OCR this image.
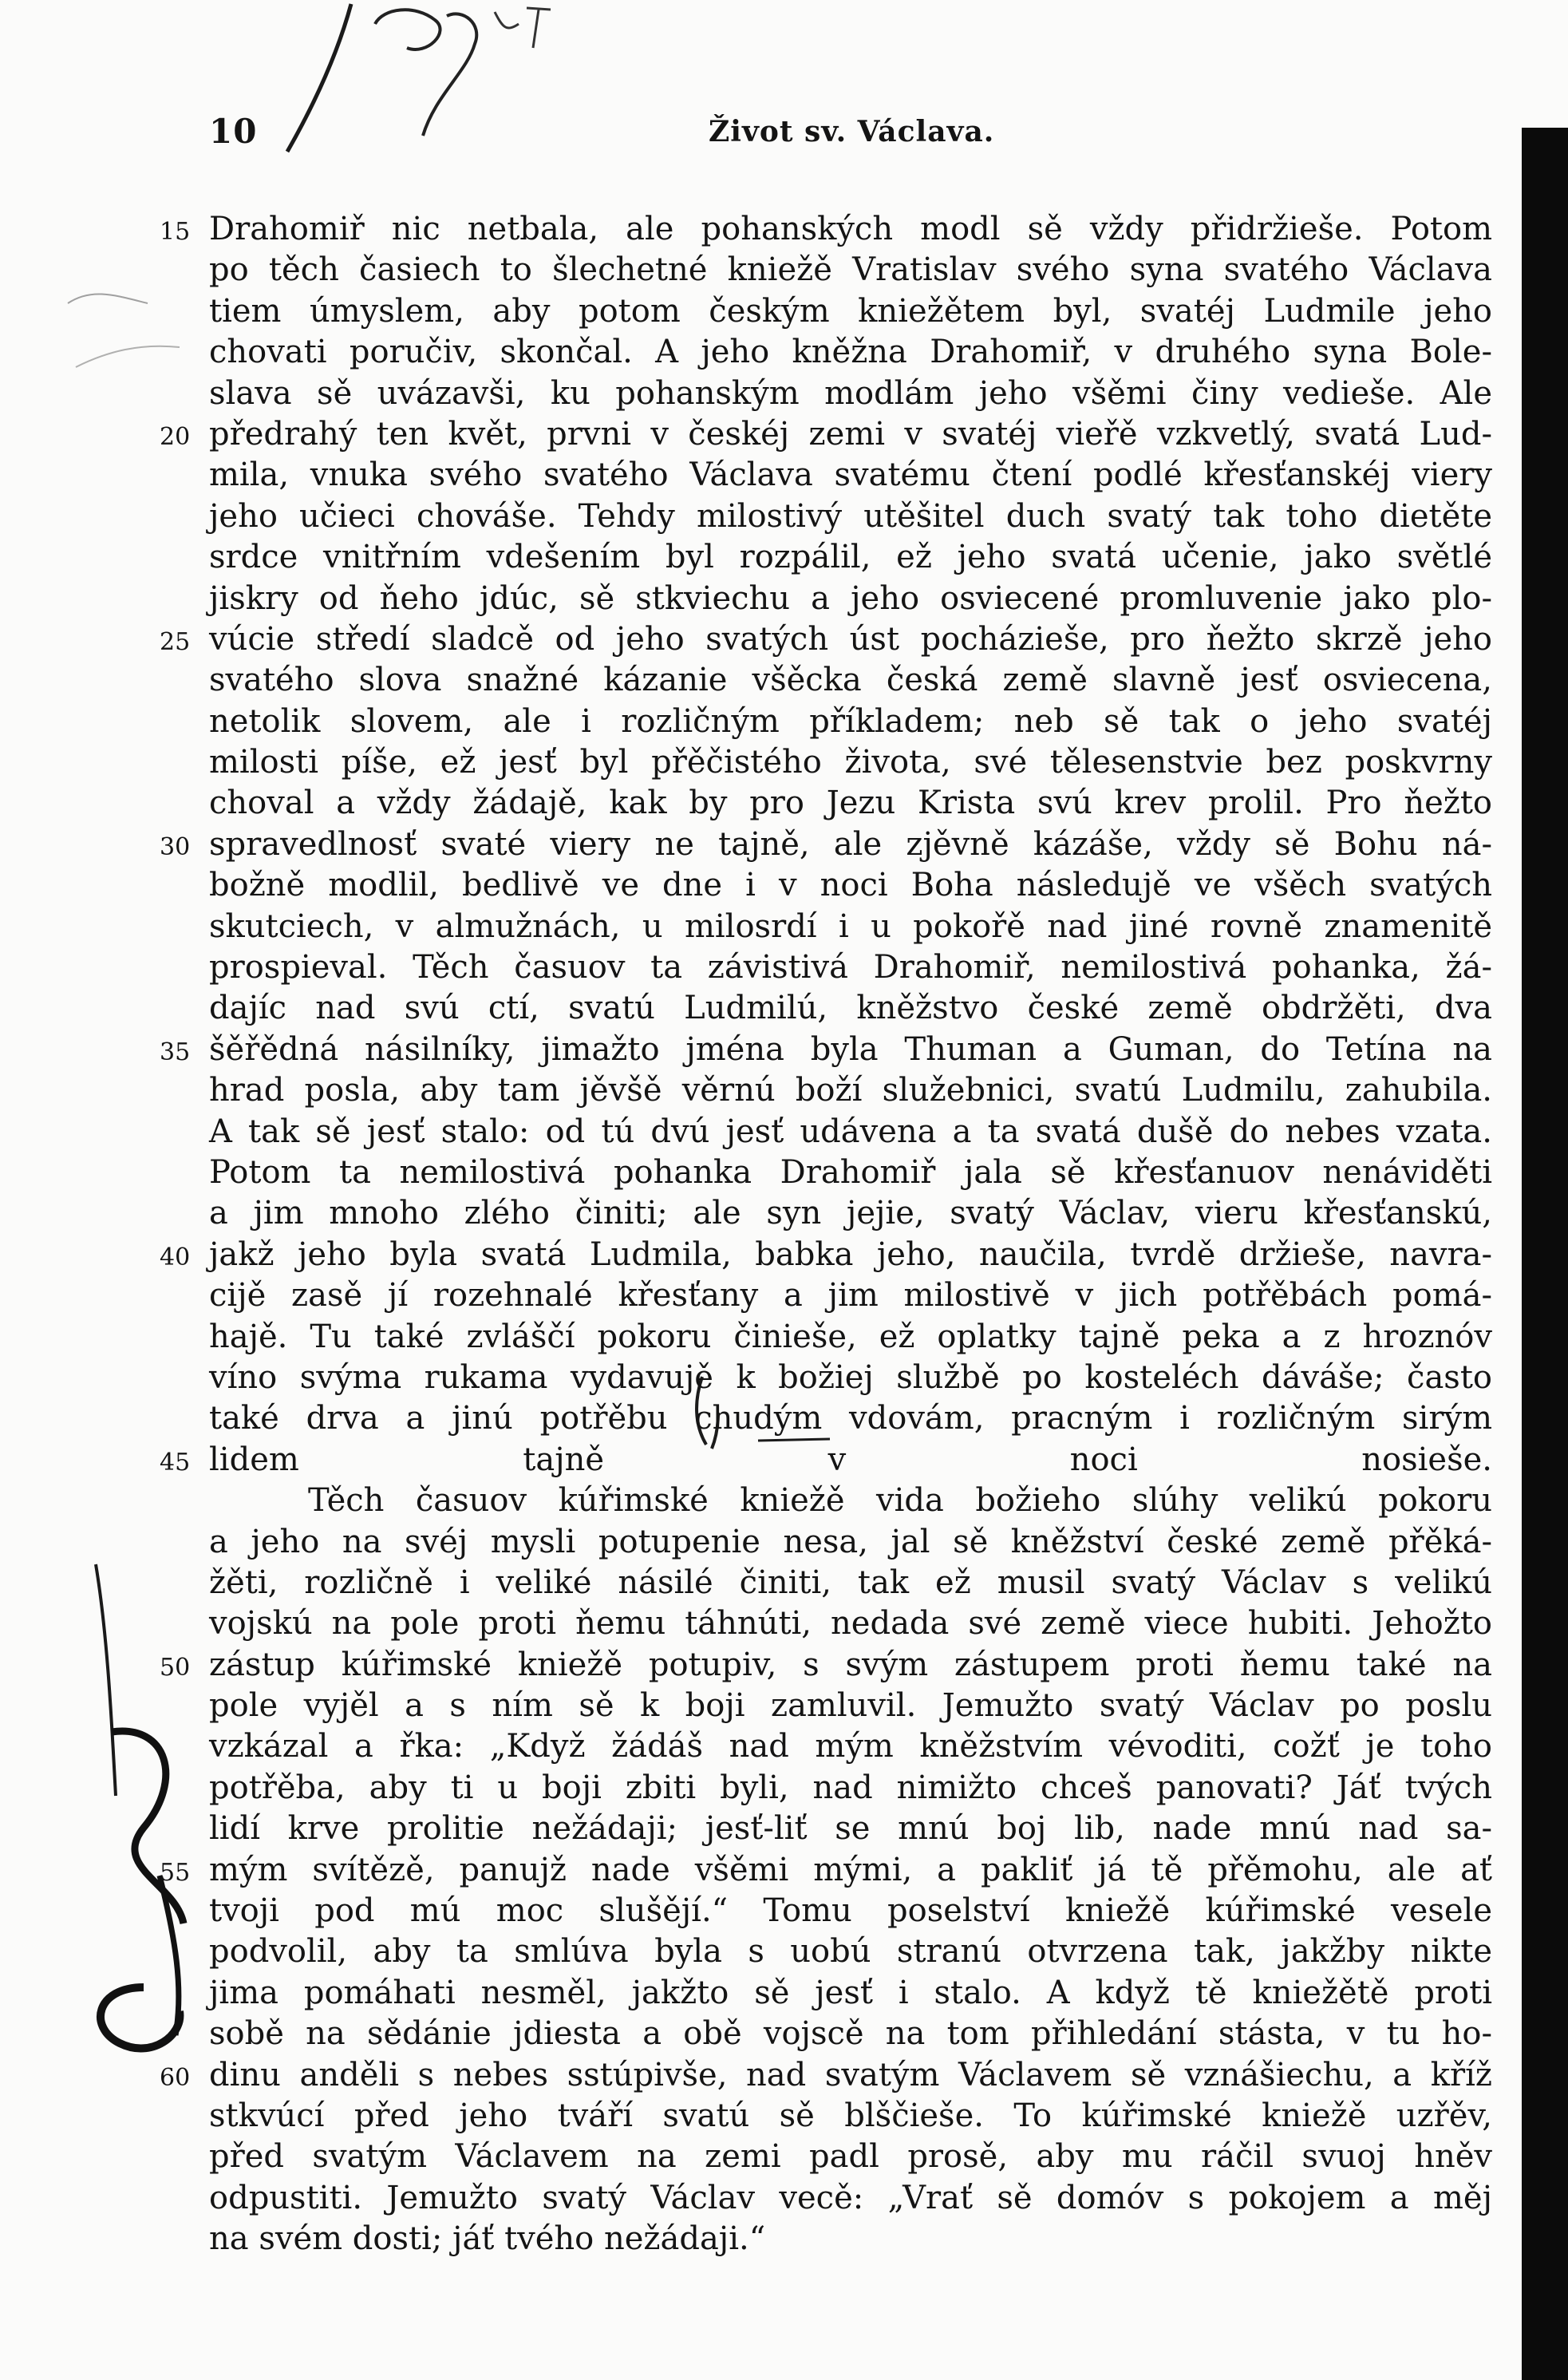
10	Život sv. Václava.
15 Drahomiř nic netbala, ale pohanských modl sě vždy přidržieše. Potom
po těch časiech to šlechetné kniežě Vratislav svého syna svatého Václava
tiem úmyslem, aby potom českým kniežětem byl, svatéj Ludmile jeho
chovati poručiv, skončal. A jeho kněžna Drahomiř, v druhého syna Bole-
slava sě uvázavši, ku pohanským modlám jeho všěmi činy vedieše. Ale
20 předrahý ten květ, prvni v českéj zemi v svatéj vieřě vzkvetlý, svatá Lud-
mila, vnuka svého svatého Václava svatému čtení podlé křesťanskéj viery
jeho učieci chováše. Tehdy milostivý utěšitel duch svatý tak toho dietěte
srdce vnitřním vdešením byl rozpálil, ež jeho svatá učenie, jako světlé
jiskry od ňeho jdúc, sě stkviechu a jeho osviecené promluvenie jako plo-
25 vúcie středí sladcě od jeho svatých úst pocházieše, pro ňežto skrzě jeho
svatého slova snažné kázanie všěcka česká země slavně jesť osviecena,
netolik slovem, ale i rozličným příkladem; neb sě tak o jeho svatéj
milosti píše, ež jesť byl přěčistého života, své tělesenstvie bez poskvrny
choval a vždy žádajě, kak by pro Jezu Krista svú krev prolil. Pro ňežto
30 spravedlnosť svaté viery ne tajně, ale zjěvně kázáše, vždy sě Bohu ná-
božně modlil, bedlivě ve dne i v noci Boha následujě ve všěch svatých
skutciech, v almužnách, u milosrdí i u pokořě nad jiné rovně znamenitě
prospieval. Těch časuov ta závistivá Drahomiř, nemilostivá pohanka, žá-
dajíc nad svú ctí, svatú Ludmilú, kněžstvo české země obdržěti, dva
35 šěřědná násilníky, jimažto jména byla Thuman a Guman, do Tetína na
hrad posla, aby tam jěvšě věrnú boží služebnici, svatú Ludmilu, zahubila.
A tak sě jesť stalo: od tú dvú jesť udávena a ta svatá dušě do nebes vzata.
Potom ta nemilostivá pohanka Drahomiř jala sě křesťanuov nenáviděti
a jim mnoho zlého činiti; ale syn jejie, svatý Václav, vieru křesťanskú,
40 jakž jeho byla svatá Ludmila, babka jeho, naučila, tvrdě držieše, navra-
cijě zasě jí rozehnalé křesťany a jim milostivě v jich potřěbách pomá-
hajě. Tu také zvláščí pokoru činieše, ež oplatky tajně peka a z hroznóv
víno svýma rukama vydavujě k božiej službě po kosteléch dáváše; často
také drva a jinú potřěbu chudým vdovám, pracným i rozličným sirým
45 lidem tajně v noci nosieše.
Těch časuov kúřimské kniežě vida božieho slúhy velikú pokoru
a jeho na svéj mysli potupenie nesa, jal sě kněžství české země přěká-
žěti, rozličně i veliké násilé činiti, tak ež musil svatý Václav s velikú
vojskú na pole proti ňemu táhnúti, nedada své země viece hubiti. Jehožto
50 zástup kúřimské kniežě potupiv, s svým zástupem proti ňemu také na
pole vyjěl a s ním sě k boji zamluvil. Jemužto svatý Václav po poslu
vzkázal a řka: „Když žádáš nad mým kněžstvím vévoditi, cožť je toho
potřěba, aby ti u boji zbiti byli, nad nimižto chceš panovati? Jáť tvých
lidí krve prolitie nežádaji; jesť-liť se mnú boj lib, nade mnú nad sa-
55 mým svítězě, panujž nade všěmi mými, a pakliť já tě přěmohu, ale ať
tvoji pod mú moc slušějí.“ Tomu poselství kniežě kúřimské vesele
podvolil, aby ta smlúva byla s uobú stranú otvrzena tak, jakžby nikte
jima pomáhati nesměl, jakžto sě jesť i stalo. A když tě kniežětě proti
sobě na sědánie jdiesta a obě vojscě na tom přihledání stásta, v tu ho-
60 dinu anděli s nebes sstúpivše, nad svatým Václavem sě vznášiechu, a kříž
stkvúcí před jeho tváří svatú sě blščieše. To kúřimské kniežě uzřěv,
před svatým Václavem na zemi padl prosě, aby mu ráčil svuoj hněv
odpustiti. Jemužto svatý Václav vecě: „Vrať sě domóv s pokojem a měj
na svém dosti; jáť tvého nežádaji.“
